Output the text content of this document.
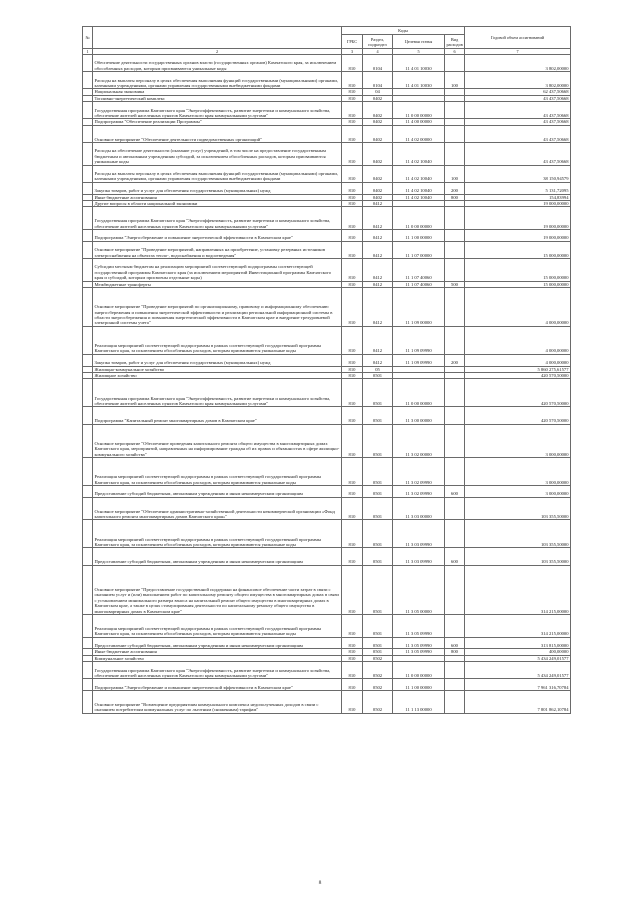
№		Коды				Годовой объем ассигнований
		ГРБС	Раздел, подраздел	Целевая статья	Вид расходов	
1	2	3	4	5	6	7
	Обеспечение деятельности государственных органов власти (государственных органов) Камчатского края, за исключением обособленных расходов, которым присваиваются уникальные коды	810	0104	11 4 01 10030		3 802,00000
	Расходы на выплаты персоналу в целях обеспечения выполнения функций государственными (муниципальными) органами, казенными учреждениями, органами управления государственными внебюджетными фондами	810	0104	11 4 01 10030	100	3 802,00000
	Национальная экономика	810	04			62 437,50668
	Топливно-энергетический комплекс	810	0402			43 437,50668
	Государственная программа Камчатского края "Энергоэффективность, развитие энергетики и коммунального хозяйства, обеспечение жителей населенных пунктов Камчатского края коммунальными услугами"	810	0402	11 0 00 00000		43 437,50668
	Подпрограмма "Обеспечение реализации Программы"	810	0402	11 4 00 00000		43 437,50668
	Основное мероприятие "Обеспечение деятельности подведомственных организаций"	810	0402	11 4 02 00000		43 437,50668
	Расходы на обеспечение деятельности (оказание услуг) учреждений, в том числе на предоставление государственным бюджетным и автономным учреждениям субсидий, за исключением обособленных расходов, которым присваиваются уникальные коды	810	0402	11 4 02 10040		43 437,50668
	Расходы на выплаты персоналу в целях обеспечения выполнения функций государственными (муниципальными) органами, казенными учреждениями, органами управления государственными внебюджетными фондами	810	0402	11 4 02 10040	100	38 150,94579
	Закупка товаров, работ и услуг для обеспечения государственных (муниципальных) нужд	810	0402	11 4 02 10040	200	5 131,72095
	Иные бюджетные ассигнования	810	0402	11 4 02 10040	800	154,83994
	Другие вопросы в области национальной экономики	810	0412			19 000,00000
	Государственная программа Камчатского края "Энергоэффективность, развитие энергетики и коммунального хозяйства, обеспечение жителей населенных пунктов Камчатского края коммунальными услугами"	810	0412	11 0 00 00000		19 000,00000
	Подпрограмма "Энергосбережение и повышение энергетической эффективности в Камчатском крае"	810	0412	11 1 00 00000		19 000,00000
	Основное мероприятие "Проведение мероприятий, направленных на приобретение, установку резервных источников электроснабжения на объектах тепло-, водоснабжения и водоотведения"	810	0412	11 1 07 00000		15 000,00000
	Субсидии местным бюджетам на реализацию мероприятий соответствующей подпрограммы соответствующей государственной программы Камчатского края (за исключением мероприятий Инвестиционной программы Камчатского края и субсидий, которым присвоены отдельные коды)	810	0412	11 1 07 40060		15 000,00000
	Межбюджетные трансферты	810	0412	11 1 07 40060	500	15 000,00000
	Основное мероприятие "Проведение мероприятий по организационному, правовому и информационному обеспечению энергосбережения и повышения энергетической эффективности и реализации региональной информационной системы в области энергосбережения и повышения энергетической эффективности в Камчатском крае и внедрение трехуровневой электронной системы учета"	810	0412	11 1 09 00000		4 000,00000
	Реализация мероприятий соответствующей подпрограммы в рамках соответствующей государственной программы Камчатского края, за исключением обособленных расходов, которым присваиваются уникальные коды	810	0412	11 1 09 09990		4 000,00000
	Закупка товаров, работ и услуг для обеспечения государственных (муниципальных) нужд	810	0412	11 1 09 09990	200	4 000,00000
	Жилищно-коммунальное хозяйство	810	05			5 860 275,61577
	Жилищное хозяйство	810	0501			420 570,50000
	Государственная программа Камчатского края "Энергоэффективность, развитие энергетики и коммунального хозяйства, обеспечение жителей населенных пунктов Камчатского края коммунальными услугами"	810	0501	11 0 00 00000		420 570,50000
	Подпрограмма "Капитальный ремонт многоквартирных домов в Камчатском крае"	810	0501	11 3 00 00000		420 570,50000
	Основное мероприятие "Обеспечение проведения капитального ремонта общего имущества в многоквартирных домах Камчатского края, мероприятий, направленных на информирование граждан об их правах и обязанностях в сфере жилищно-коммунального хозяйства"	810	0501	11 3 02 00000		3 000,00000
	Реализация мероприятий соответствующей подпрограммы в рамках соответствующей государственной программы Камчатского края, за исключением обособленных расходов, которым присваиваются уникальные коды	810	0501	11 3 02 09990		3 000,00000
	Предоставление субсидий бюджетным, автономным учреждениям и иным некоммерческим организациям	810	0501	11 3 02 09990	600	3 000,00000
	Основное мероприятие "Обеспечение административно-хозяйственной деятельности некоммерческой организации «Фонд капитального ремонта многоквартирных домов Камчатского края»"	810	0501	11 3 03 00000		103 355,50000
	Реализация мероприятий соответствующей подпрограммы в рамках соответствующей государственной программы Камчатского края, за исключением обособленных расходов, которым присваиваются уникальные коды	810	0501	11 3 03 09990		103 355,50000
	Предоставление субсидий бюджетным, автономным учреждениям и иным некоммерческим организациям	810	0501	11 3 03 09990	600	103 355,50000
	Основное мероприятие "Предоставление государственной поддержки на финансовое обеспечение части затрат в связи с оказанием услуг и (или) выполнением работ по капитальному ремонту общего имущества в многоквартирных домах в связи с установлением минимального размера взноса на капитальный ремонт общего имущества в многоквартирных домах в Камчатском крае, а также в целях стимулирования деятельности по капитальному ремонту общего имущества в многоквартирных домах в Камчатском крае"	810	0501	11 3 05 00000		314 215,00000
	Реализация мероприятий соответствующей подпрограммы в рамках соответствующей государственной программы Камчатского края, за исключением обособленных расходов, которым присваиваются уникальные коды	810	0501	11 3 05 09990		314 215,00000
	Предоставление субсидий бюджетным, автономным учреждениям и иным некоммерческим организациям	810	0501	11 3 05 09990	600	313 815,00000
	Иные бюджетные ассигнования	810	0501	11 3 05 09990	800	400,00000
	Коммунальное хозяйство	810	0502			5 434 249,01577
	Государственная программа Камчатского края "Энергоэффективность, развитие энергетики и коммунального хозяйства, обеспечение жителей населенных пунктов Камчатского края коммунальными услугами"	810	0502	11 0 00 00000		5 434 249,01577
	Подпрограмма "Энергосбережение и повышение энергетической эффективности в Камчатском крае"	810	0502	11 1 00 00000		7 961 316,70784
	Основное мероприятие "Возмещение предприятиям коммунального комплекса недополученных доходов в связи с оказанием потребителям коммунальных услуг по льготным (сниженным) тарифам"	810	0502	11 1 13 00000		7 801 862,10784
8
